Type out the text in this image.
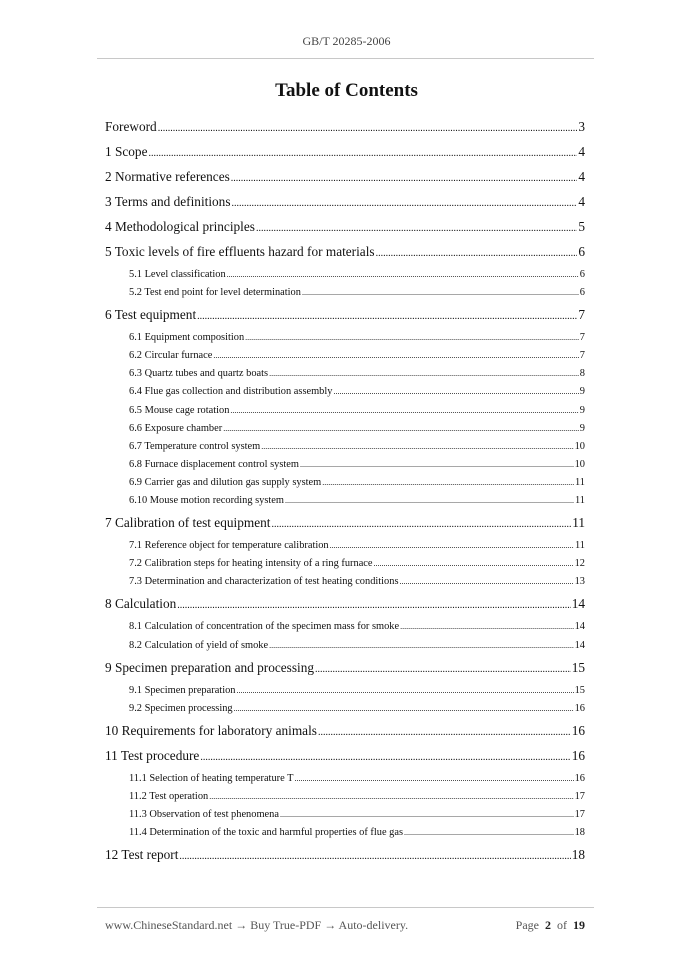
GB/T 20285-2006
Table of Contents
Foreword .....	3
1 Scope .....	4
2 Normative references .....	4
3 Terms and definitions .....	4
4 Methodological principles .....	5
5 Toxic levels of fire effluents hazard for materials .....	6
5.1 Level classification .....	6
5.2 Test end point for level determination .....	6
6 Test equipment .....	7
6.1 Equipment composition .....	7
6.2 Circular furnace .....	7
6.3 Quartz tubes and quartz boats .....	8
6.4 Flue gas collection and distribution assembly .....	9
6.5 Mouse cage rotation .....	9
6.6 Exposure chamber .....	9
6.7 Temperature control system .....	10
6.8 Furnace displacement control system .....	10
6.9 Carrier gas and dilution gas supply system .....	11
6.10 Mouse motion recording system .....	11
7 Calibration of test equipment .....	11
7.1 Reference object for temperature calibration .....	11
7.2 Calibration steps for heating intensity of a ring furnace .....	12
7.3 Determination and characterization of test heating conditions .....	13
8 Calculation .....	14
8.1 Calculation of concentration of the specimen mass for smoke .....	14
8.2 Calculation of yield of smoke .....	14
9 Specimen preparation and processing .....	15
9.1 Specimen preparation .....	15
9.2 Specimen processing .....	16
10 Requirements for laboratory animals .....	16
11 Test procedure .....	16
11.1 Selection of heating temperature T .....	16
11.2 Test operation .....	17
11.3 Observation of test phenomena .....	17
11.4 Determination of the toxic and harmful properties of flue gas .....	18
12 Test report .....	18
www.ChineseStandard.net → Buy True-PDF → Auto-delivery.	Page 2 of 19
